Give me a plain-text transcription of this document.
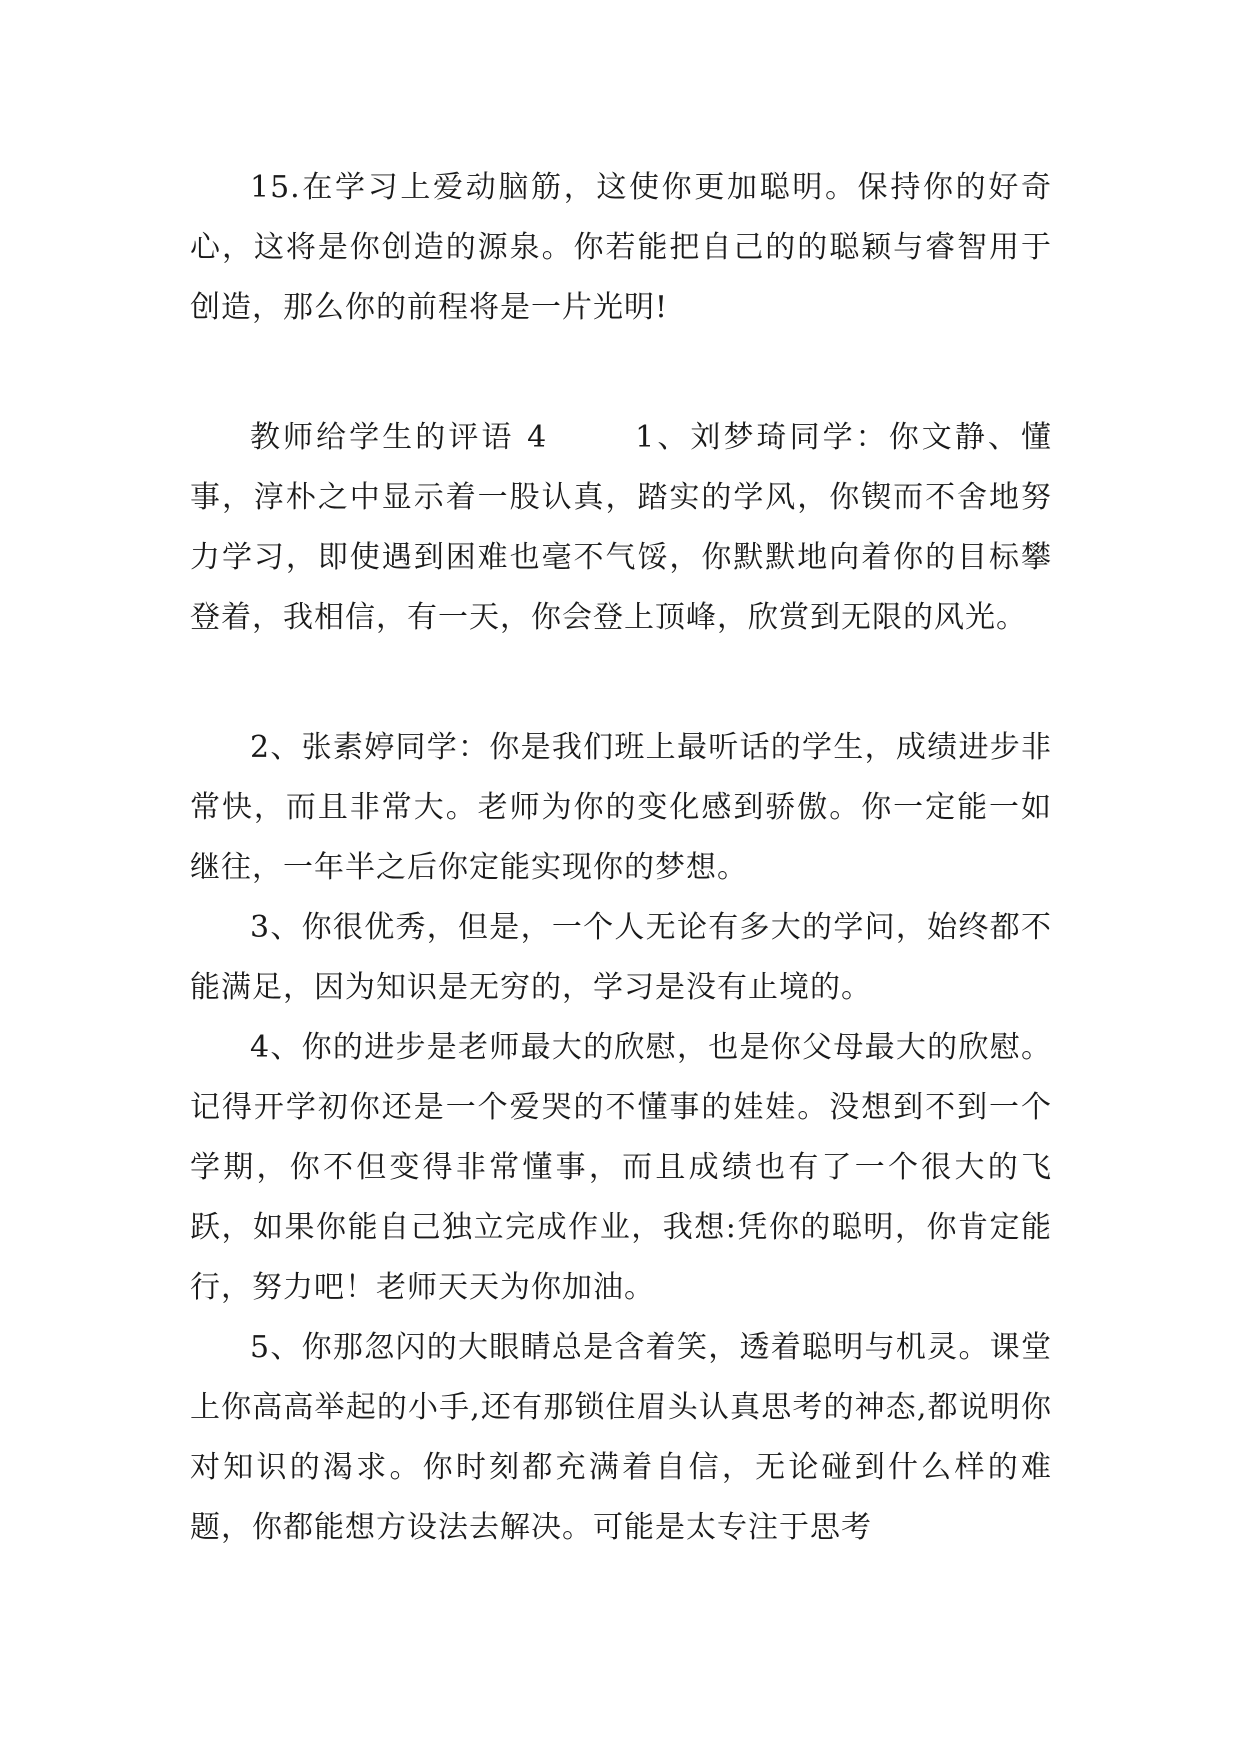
15.在学习上爱动脑筋，这使你更加聪明。保持你的好奇心，这将是你创造的源泉。你若能把自己的的聪颖与睿智用于创造，那么你的前程将是一片光明!

教师给学生的评语 4	1、刘梦琦同学：你文静、懂事，淳朴之中显示着一股认真，踏实的学风，你锲而不舍地努力学习，即使遇到困难也毫不气馁，你默默地向着你的目标攀登着，我相信，有一天，你会登上顶峰，欣赏到无限的风光。

2、张素婷同学：你是我们班上最听话的学生，成绩进步非常快，而且非常大。老师为你的变化感到骄傲。你一定能一如继往，一年半之后你定能实现你的梦想。

3、你很优秀，但是，一个人无论有多大的学问，始终都不能满足，因为知识是无穷的，学习是没有止境的。

4、你的进步是老师最大的欣慰，也是你父母最大的欣慰。记得开学初你还是一个爱哭的不懂事的娃娃。没想到不到一个学期，你不但变得非常懂事，而且成绩也有了一个很大的飞跃，如果你能自己独立完成作业，我想:凭你的聪明，你肯定能行，努力吧！老师天天为你加油。

5、你那忽闪的大眼睛总是含着笑，透着聪明与机灵。课堂上你高高举起的小手,还有那锁住眉头认真思考的神态,都说明你对知识的渴求。你时刻都充满着自信，无论碰到什么样的难题，你都能想方设法去解决。可能是太专注于思考
